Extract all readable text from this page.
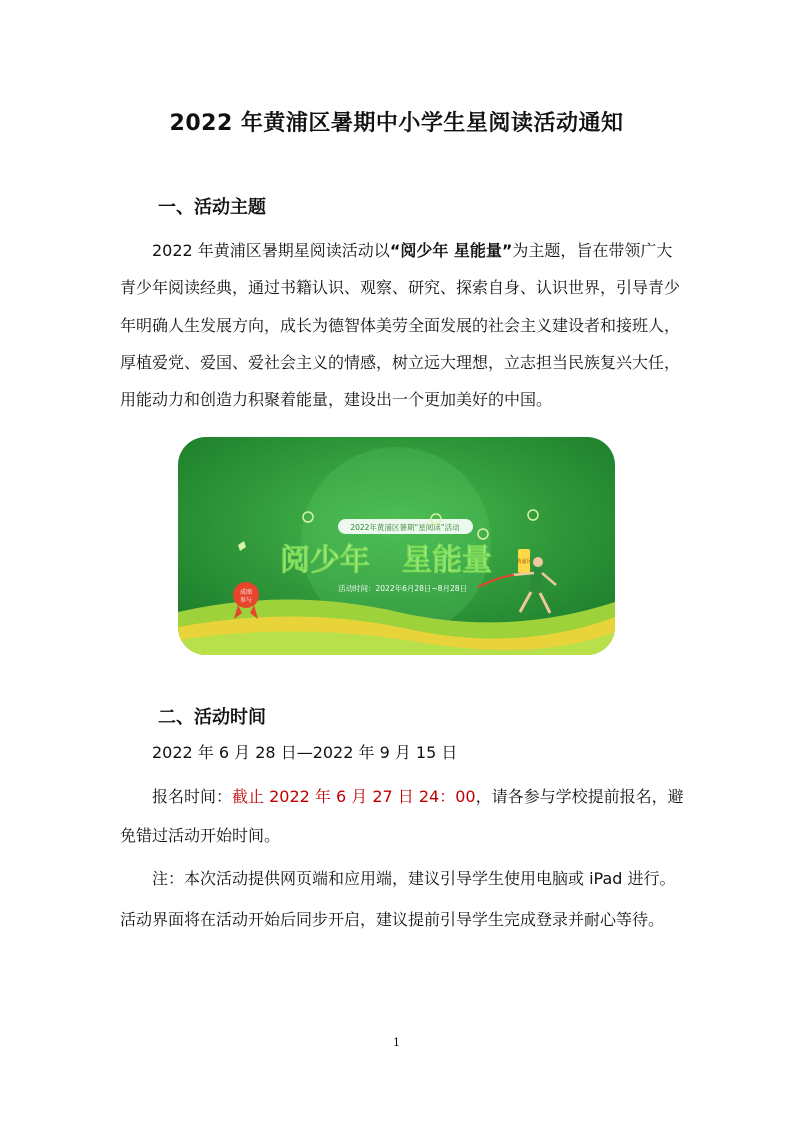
2022 年黄浦区暑期中小学生星阅读活动通知
一、活动主题
2022 年黄浦区暑期星阅读活动以“阅少年 星能量”为主题，旨在带领广大
青少年阅读经典，通过书籍认识、观察、研究、探索自身、认识世界，引导青少
年明确人生发展方向，成长为德智体美劳全面发展的社会主义建设者和接班人，
厚植爱党、爱国、爱社会主义的情感，树立远大理想，立志担当民族复兴大任，
用能动力和创造力积聚着能量，建设出一个更加美好的中国。
2022年黄浦区暑期“星阅读”活动
阅少年 星能量	黄浦区
活动时间：2022年6月28日~8月28日
成图
参与
二、活动时间
2022 年 6 月 28 日—2022 年 9 月 15 日
报名时间：截止 2022 年 6 月 27 日 24：00，请各参与学校提前报名，避
免错过活动开始时间。
注：本次活动提供网页端和应用端，建议引导学生使用电脑或 iPad 进行。
活动界面将在活动开始后同步开启，建议提前引导学生完成登录并耐心等待。
1
